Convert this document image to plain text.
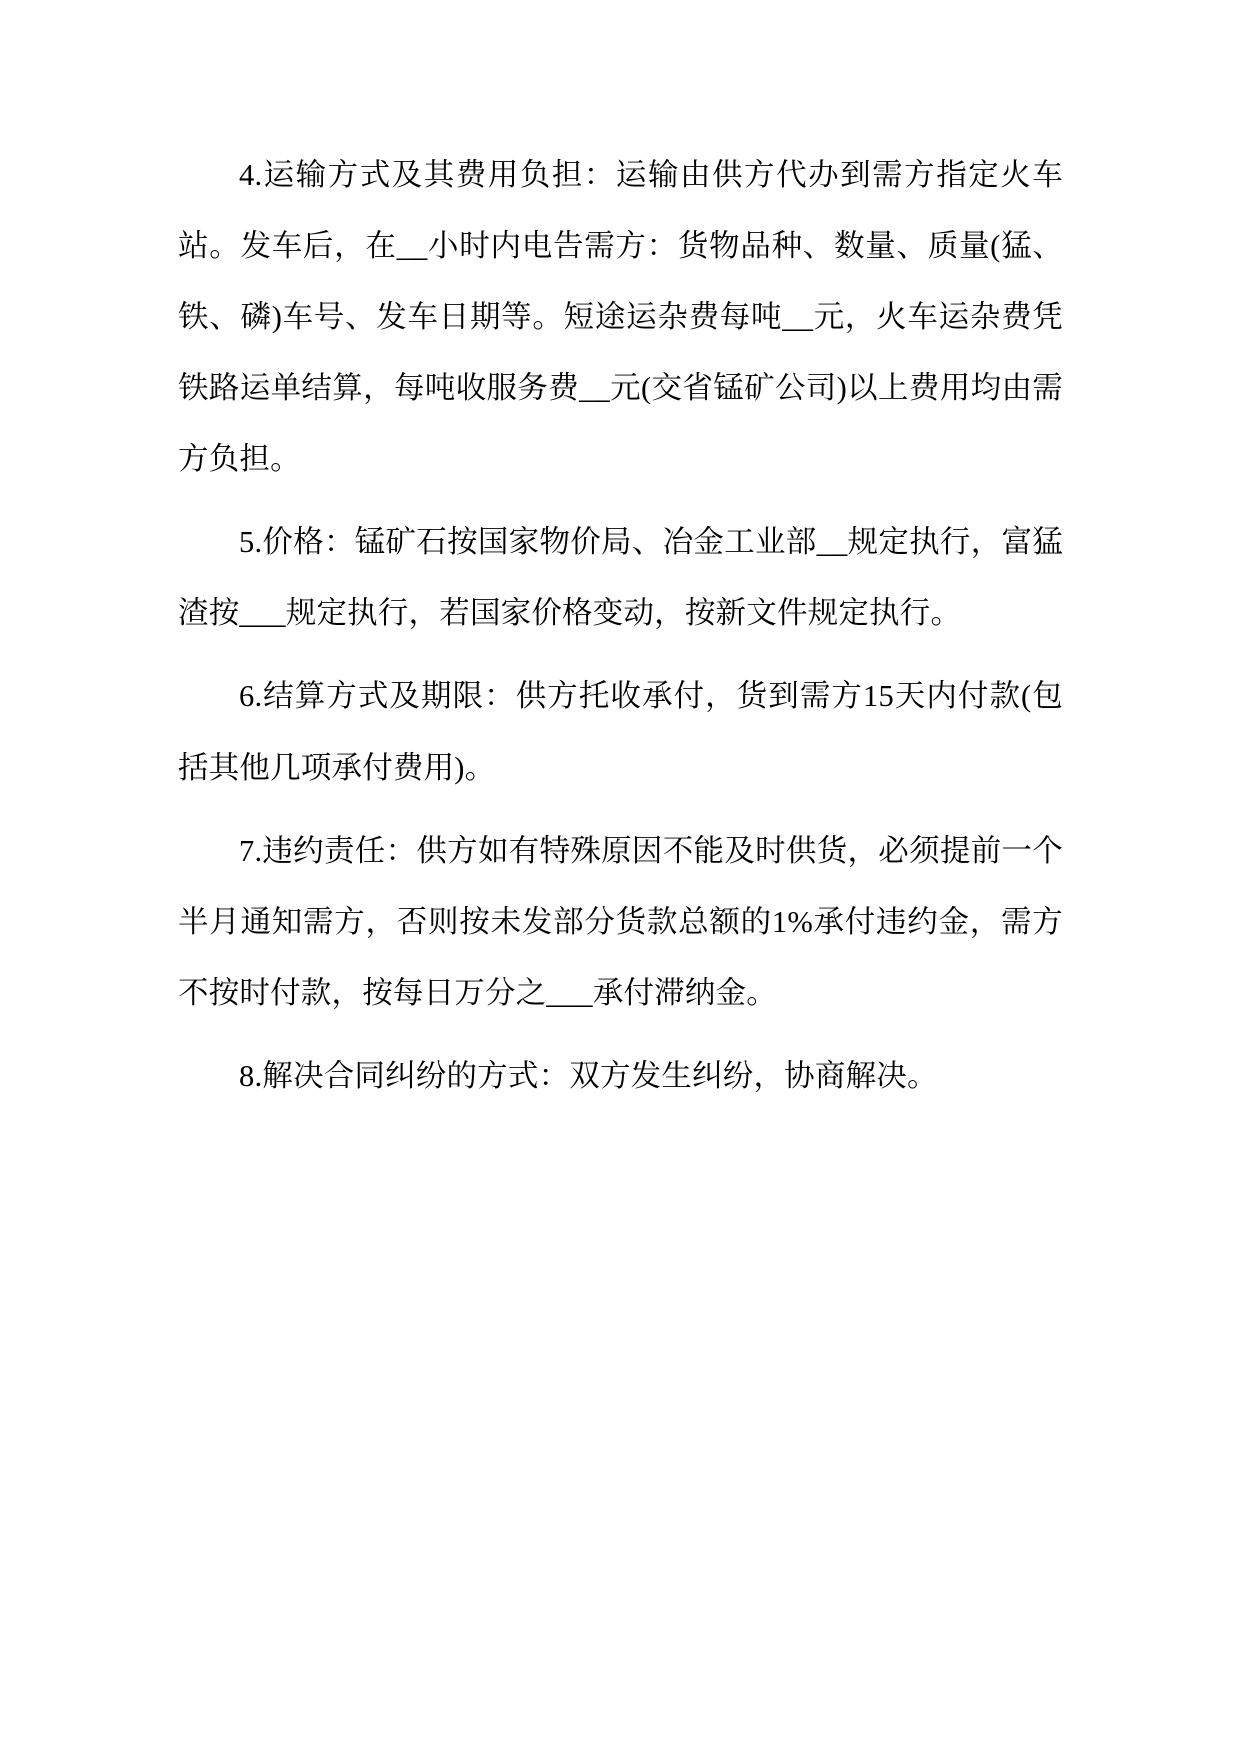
4.运输方式及其费用负担：运输由供方代办到需方指定火车站。发车后，在__小时内电告需方：货物品种、数量、质量(猛、铁、磷)车号、发车日期等。短途运杂费每吨__元，火车运杂费凭铁路运单结算，每吨收服务费__元(交省锰矿公司)以上费用均由需方负担。

5.价格：锰矿石按国家物价局、冶金工业部__规定执行，富猛渣按___规定执行，若国家价格变动，按新文件规定执行。

6.结算方式及期限：供方托收承付，货到需方15天内付款(包括其他几项承付费用)。

7.违约责任：供方如有特殊原因不能及时供货，必须提前一个半月通知需方，否则按未发部分货款总额的1%承付违约金，需方不按时付款，按每日万分之___承付滞纳金。

8.解决合同纠纷的方式：双方发生纠纷，协商解决。
